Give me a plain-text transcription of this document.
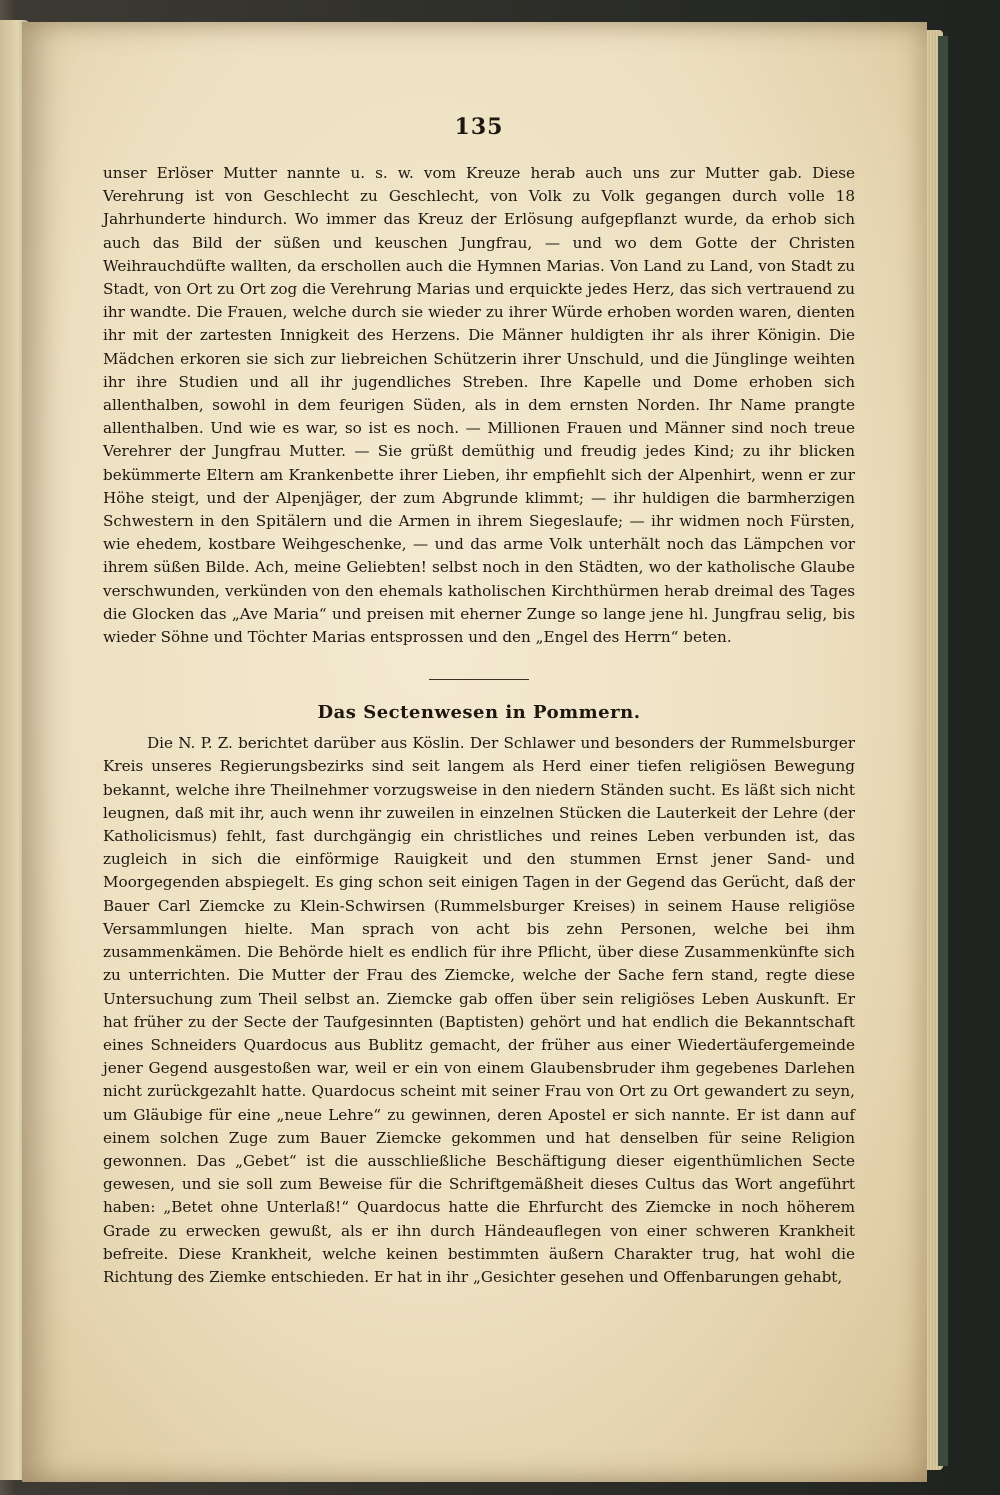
135

unser Erlöser Mutter nannte u. s. w. vom Kreuze herab auch uns zur Mutter gab. Diese Verehrung ist von Geschlecht zu Geschlecht, von Volk zu Volk gegangen durch volle 18 Jahrhunderte hindurch. Wo immer das Kreuz der Erlösung aufgepflanzt wurde, da erhob sich auch das Bild der süßen und keuschen Jungfrau, — und wo dem Gotte der Christen Weihrauchdüfte wallten, da erschollen auch die Hymnen Marias. Von Land zu Land, von Stadt zu Stadt, von Ort zu Ort zog die Verehrung Marias und erquickte jedes Herz, das sich vertrauend zu ihr wandte. Die Frauen, welche durch sie wieder zu ihrer Würde erhoben worden waren, dienten ihr mit der zartesten Innigkeit des Herzens. Die Männer huldigten ihr als ihrer Königin. Die Mädchen erkoren sie sich zur liebreichen Schützerin ihrer Unschuld, und die Jünglinge weihten ihr ihre Studien und all ihr jugendliches Streben. Ihre Kapelle und Dome erhoben sich allenthalben, sowohl in dem feurigen Süden, als in dem ernsten Norden. Ihr Name prangte allenthalben. Und wie es war, so ist es noch. — Millionen Frauen und Männer sind noch treue Verehrer der Jungfrau Mutter. — Sie grüßt demüthig und freudig jedes Kind; zu ihr blicken bekümmerte Eltern am Krankenbette ihrer Lieben, ihr empfiehlt sich der Alpenhirt, wenn er zur Höhe steigt, und der Alpenjäger, der zum Abgrunde klimmt; — ihr huldigen die barmherzigen Schwestern in den Spitälern und die Armen in ihrem Siegeslaufe; — ihr widmen noch Fürsten, wie ehedem, kostbare Weihgeschenke, — und das arme Volk unterhält noch das Lämpchen vor ihrem süßen Bilde. Ach, meine Geliebten! selbst noch in den Städten, wo der katholische Glaube verschwunden, verkünden von den ehemals katholischen Kirchthürmen herab dreimal des Tages die Glocken das „Ave Maria“ und preisen mit eherner Zunge so lange jene hl. Jungfrau selig, bis wieder Söhne und Töchter Marias entsprossen und den „Engel des Herrn“ beten.

Das Sectenwesen in Pommern.

Die N. P. Z. berichtet darüber aus Köslin. Der Schlawer und besonders der Rummelsburger Kreis unseres Regierungsbezirks sind seit langem als Herd einer tiefen religiösen Bewegung bekannt, welche ihre Theilnehmer vorzugsweise in den niedern Ständen sucht. Es läßt sich nicht leugnen, daß mit ihr, auch wenn ihr zuweilen in einzelnen Stücken die Lauterkeit der Lehre (der Katholicismus) fehlt, fast durchgängig ein christliches und reines Leben verbunden ist, das zugleich in sich die einförmige Rauigkeit und den stummen Ernst jener Sand- und Moorgegenden abspiegelt. Es ging schon seit einigen Tagen in der Gegend das Gerücht, daß der Bauer Carl Ziemcke zu Klein-Schwirsen (Rummelsburger Kreises) in seinem Hause religiöse Versammlungen hielte. Man sprach von acht bis zehn Personen, welche bei ihm zusammenkämen. Die Behörde hielt es endlich für ihre Pflicht, über diese Zusammenkünfte sich zu unterrichten. Die Mutter der Frau des Ziemcke, welche der Sache fern stand, regte diese Untersuchung zum Theil selbst an. Ziemcke gab offen über sein religiöses Leben Auskunft. Er hat früher zu der Secte der Taufgesinnten (Baptisten) gehört und hat endlich die Bekanntschaft eines Schneiders Quardocus aus Bublitz gemacht, der früher aus einer Wiedertäufergemeinde jener Gegend ausgestoßen war, weil er ein von einem Glaubensbruder ihm gegebenes Darlehen nicht zurückgezahlt hatte. Quardocus scheint mit seiner Frau von Ort zu Ort gewandert zu seyn, um Gläubige für eine „neue Lehre“ zu gewinnen, deren Apostel er sich nannte. Er ist dann auf einem solchen Zuge zum Bauer Ziemcke gekommen und hat denselben für seine Religion gewonnen. Das „Gebet“ ist die ausschließliche Beschäftigung dieser eigenthümlichen Secte gewesen, und sie soll zum Beweise für die Schriftgemäßheit dieses Cultus das Wort angeführt haben: „Betet ohne Unterlaß!“ Quardocus hatte die Ehrfurcht des Ziemcke in noch höherem Grade zu erwecken gewußt, als er ihn durch Händeauflegen von einer schweren Krankheit befreite. Diese Krankheit, welche keinen bestimmten äußern Charakter trug, hat wohl die Richtung des Ziemke entschieden. Er hat in ihr „Gesichter gesehen und Offenbarungen gehabt,
